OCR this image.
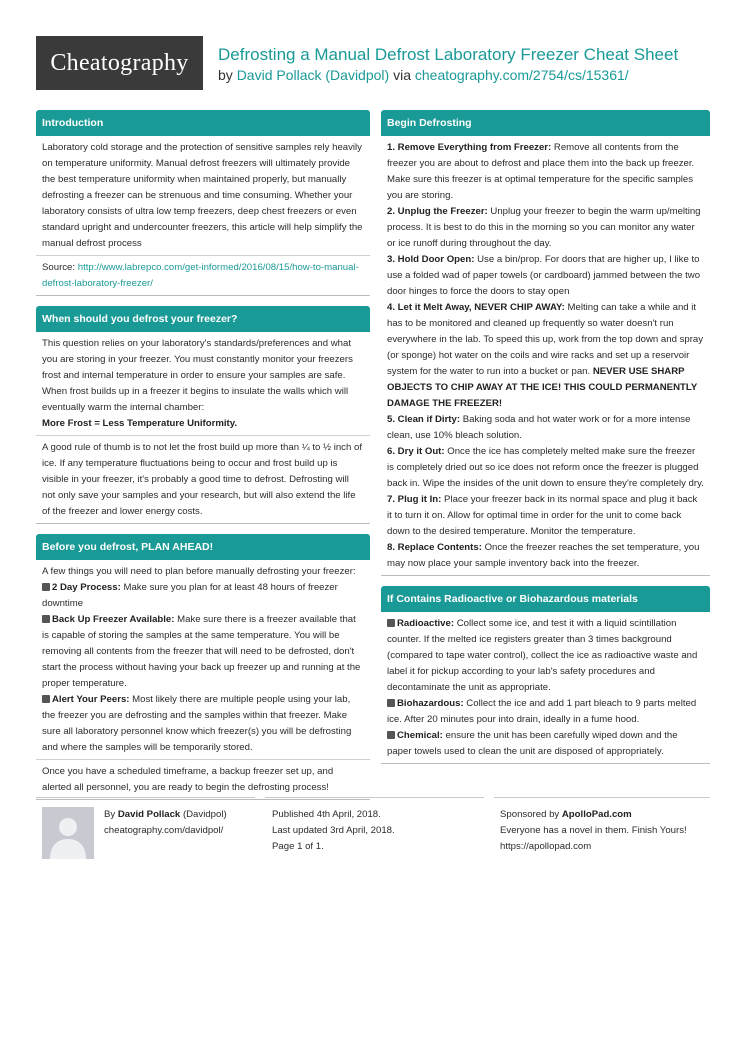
Cheatography	Defrosting a Manual Defrost Laboratory Freezer Cheat Sheet
by David Pollack (Davidpol) via cheatography.com/2754/cs/15361/
Introduction
Laboratory cold storage and the protection of sensitive samples rely heavily on temperature uniformity. Manual defrost freezers will ultimately provide the best temperature uniformity when maintained properly, but manually defrosting a freezer can be strenuous and time consuming. Whether your laboratory consists of ultra low temp freezers, deep chest freezers or even standard upright and undercounter freezers, this article will help simplify the manual defrost process
Source: http://www.labrepco.com/get-informed/2016/08/15/how-to-manual-defrost-laboratory-freezer/
When should you defrost your freezer?
This question relies on your laboratory's standards/preferences and what you are storing in your freezer. You must constantly monitor your freezers frost and internal temperature in order to ensure your samples are safe. When frost builds up in a freezer it begins to insulate the walls which will eventually warm the internal chamber:
More Frost = Less Temperature Uniformity.
A good rule of thumb is to not let the frost build up more than ¼ to ½ inch of ice. If any temperature fluctuations being to occur and frost build up is visible in your freezer, it's probably a good time to defrost. Defrosting will not only save your samples and your research, but will also extend the life of the freezer and lower energy costs.
Before you defrost, PLAN AHEAD!
A few things you will need to plan before manually defrosting your freezer:
2 Day Process: Make sure you plan for at least 48 hours of freezer downtime
Back Up Freezer Available: Make sure there is a freezer available that is capable of storing the samples at the same temperature. You will be removing all contents from the freezer that will need to be defrosted, don't start the process without having your back up freezer up and running at the proper temperature.
Alert Your Peers: Most likely there are multiple people using your lab, the freezer you are defrosting and the samples within that freezer. Make sure all laboratory personnel know which freezer(s) you will be defrosting and where the samples will be temporarily stored.
Once you have a scheduled timeframe, a backup freezer set up, and alerted all personnel, you are ready to begin the defrosting process!
Begin Defrosting
1. Remove Everything from Freezer: Remove all contents from the freezer you are about to defrost and place them into the back up freezer. Make sure this freezer is at optimal temperature for the specific samples you are storing.
2. Unplug the Freezer: Unplug your freezer to begin the warm up/melting process. It is best to do this in the morning so you can monitor any water or ice runoff during throughout the day.
3. Hold Door Open: Use a bin/prop. For doors that are higher up, I like to use a folded wad of paper towels (or cardboard) jammed between the two door hinges to force the doors to stay open
4. Let it Melt Away, NEVER CHIP AWAY: Melting can take a while and it has to be monitored and cleaned up frequently so water doesn't run everywhere in the lab. To speed this up, work from the top down and spray (or sponge) hot water on the coils and wire racks and set up a reservoir system for the water to run into a bucket or pan. NEVER USE SHARP OBJECTS TO CHIP AWAY AT THE ICE! THIS COULD PERMANENTLY DAMAGE THE FREEZER!
5. Clean if Dirty: Baking soda and hot water work or for a more intense clean, use 10% bleach solution.
6. Dry it Out: Once the ice has completely melted make sure the freezer is completely dried out so ice does not reform once the freezer is plugged back in. Wipe the insides of the unit down to ensure they're completely dry.
7. Plug it In: Place your freezer back in its normal space and plug it back it to turn it on. Allow for optimal time in order for the unit to come back down to the desired temperature. Monitor the temperature.
8. Replace Contents: Once the freezer reaches the set temperature, you may now place your sample inventory back into the freezer.
If Contains Radioactive or Biohazardous materials
Radioactive: Collect some ice, and test it with a liquid scintillation counter. If the melted ice registers greater than 3 times background (compared to tape water control), collect the ice as radioactive waste and label it for pickup according to your lab's safety procedures and decontaminate the unit as appropriate.
Biohazardous: Collect the ice and add 1 part bleach to 9 parts melted ice. After 20 minutes pour into drain, ideally in a fume hood.
Chemical: ensure the unit has been carefully wiped down and the paper towels used to clean the unit are disposed of appropriately.
By David Pollack (Davidpol)
cheatography.com/davidpol/
Published 4th April, 2018.
Last updated 3rd April, 2018.
Page 1 of 1.
Sponsored by ApolloPad.com
Everyone has a novel in them. Finish Yours!
https://apollopad.com
